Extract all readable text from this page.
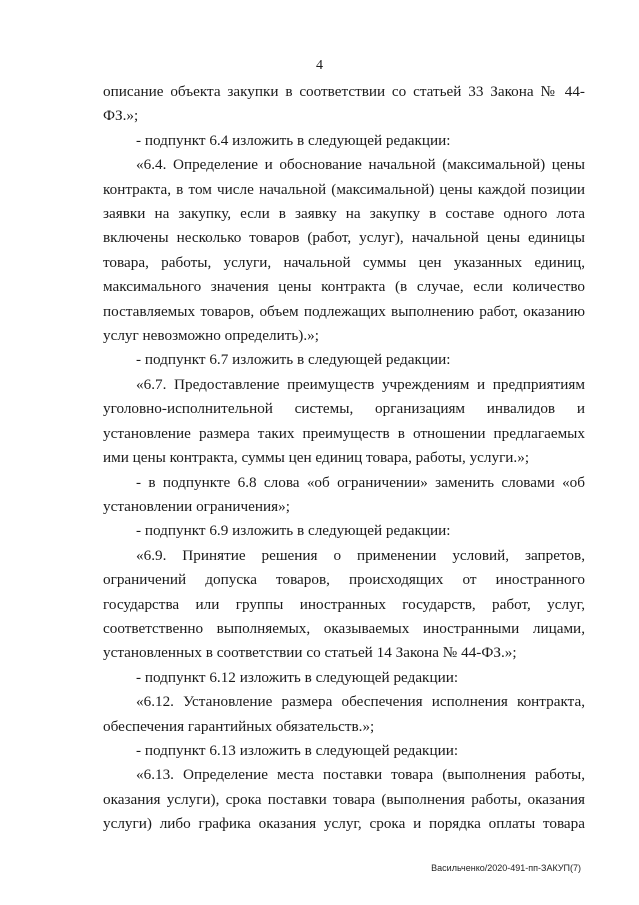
4

описание объекта закупки в соответствии со статьей 33 Закона № 44-ФЗ.»;

- подпункт 6.4 изложить в следующей редакции:

«6.4. Определение и обоснование начальной (максимальной) цены контракта, в том числе начальной (максимальной) цены каждой позиции заявки на закупку, если в заявку на закупку в составе одного лота включены несколько товаров (работ, услуг), начальной цены единицы товара, работы, услуги, начальной суммы цен указанных единиц, максимального значения цены контракта (в случае, если количество поставляемых товаров, объем подлежащих выполнению работ, оказанию услуг невозможно определить).»;

- подпункт 6.7 изложить в следующей редакции:

«6.7. Предоставление преимуществ учреждениям и предприятиям уголовно-исполнительной системы, организациям инвалидов и установление размера таких преимуществ в отношении предлагаемых ими цены контракта, суммы цен единиц товара, работы, услуги.»;

- в подпункте 6.8 слова «об ограничении» заменить словами «об установлении ограничения»;

- подпункт 6.9 изложить в следующей редакции:

«6.9. Принятие решения о применении условий, запретов, ограничений допуска товаров, происходящих от иностранного государства или группы иностранных государств, работ, услуг, соответственно выполняемых, оказываемых иностранными лицами, установленных в соответствии со статьей 14 Закона № 44-ФЗ.»;

- подпункт 6.12 изложить в следующей редакции:

«6.12. Установление размера обеспечения исполнения контракта, обеспечения гарантийных обязательств.»;

- подпункт 6.13 изложить в следующей редакции:

«6.13. Определение места поставки товара (выполнения работы, оказания услуги), срока поставки товара (выполнения работы, оказания услуги) либо графика оказания услуг, срока и порядка оплаты товара

Васильченко/2020-491-пп-ЗАКУП(7)
